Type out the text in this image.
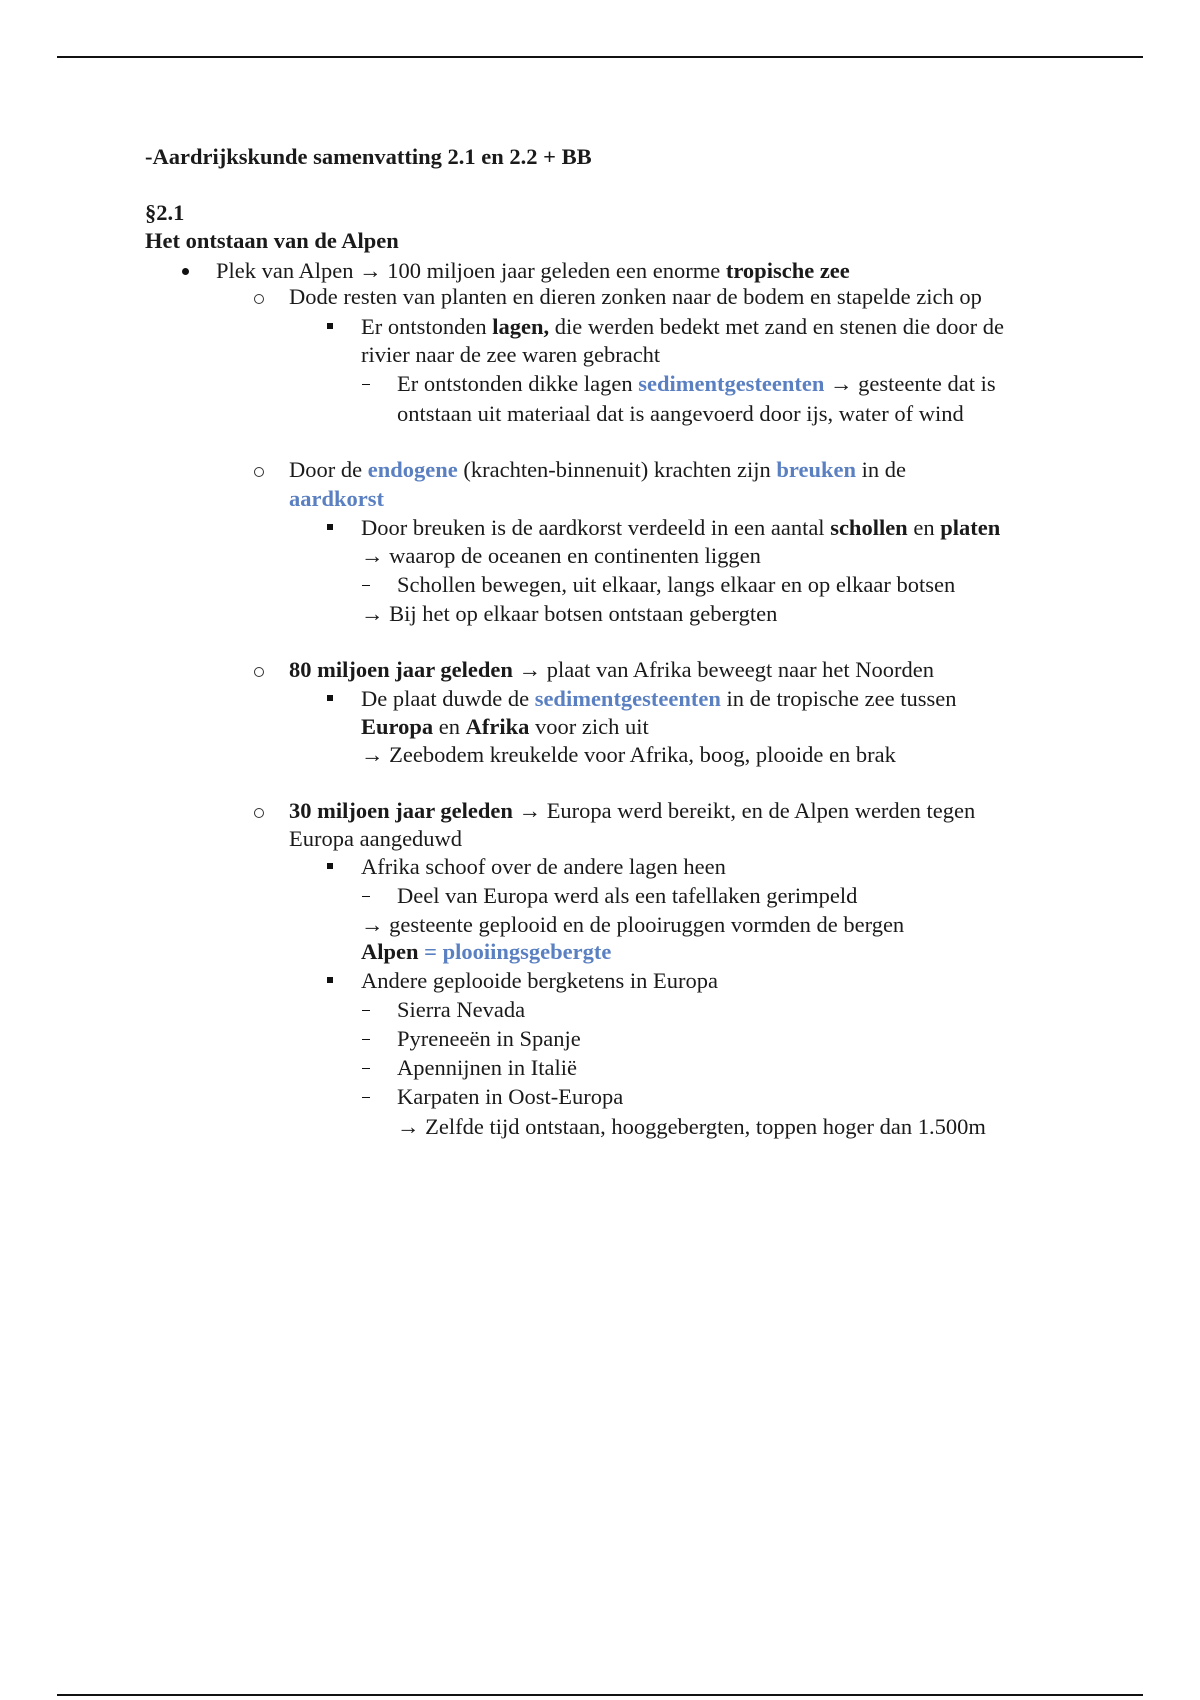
-Aardrijkskunde samenvatting 2.1 en 2.2 + BB
§2.1
Het ontstaan van de Alpen
Plek van Alpen → 100 miljoen jaar geleden een enorme tropische zee
Dode resten van planten en dieren zonken naar de bodem en stapelde zich op
Er ontstonden lagen, die werden bedekt met zand en stenen die door de
rivier naar de zee waren gebracht
Er ontstonden dikke lagen sedimentgesteenten → gesteente dat is
ontstaan uit materiaal dat is aangevoerd door ijs, water of wind
Door de endogene (krachten-binnenuit) krachten zijn breuken in de
aardkorst
Door breuken is de aardkorst verdeeld in een aantal schollen en platen
→ waarop de oceanen en continenten liggen
Schollen bewegen, uit elkaar, langs elkaar en op elkaar botsen
→ Bij het op elkaar botsen ontstaan gebergten
80 miljoen jaar geleden → plaat van Afrika beweegt naar het Noorden
De plaat duwde de sedimentgesteenten in de tropische zee tussen
Europa en Afrika voor zich uit
→ Zeebodem kreukelde voor Afrika, boog, plooide en brak
30 miljoen jaar geleden → Europa werd bereikt, en de Alpen werden tegen
Europa aangeduwd
Afrika schoof over de andere lagen heen
Deel van Europa werd als een tafellaken gerimpeld
→ gesteente geplooid en de plooiruggen vormden de bergen
Alpen = plooiingsgebergte
Andere geplooide bergketens in Europa
Sierra Nevada
Pyreneeën in Spanje
Apennijnen in Italië
Karpaten in Oost-Europa
→ Zelfde tijd ontstaan, hooggebergten, toppen hoger dan 1.500m
